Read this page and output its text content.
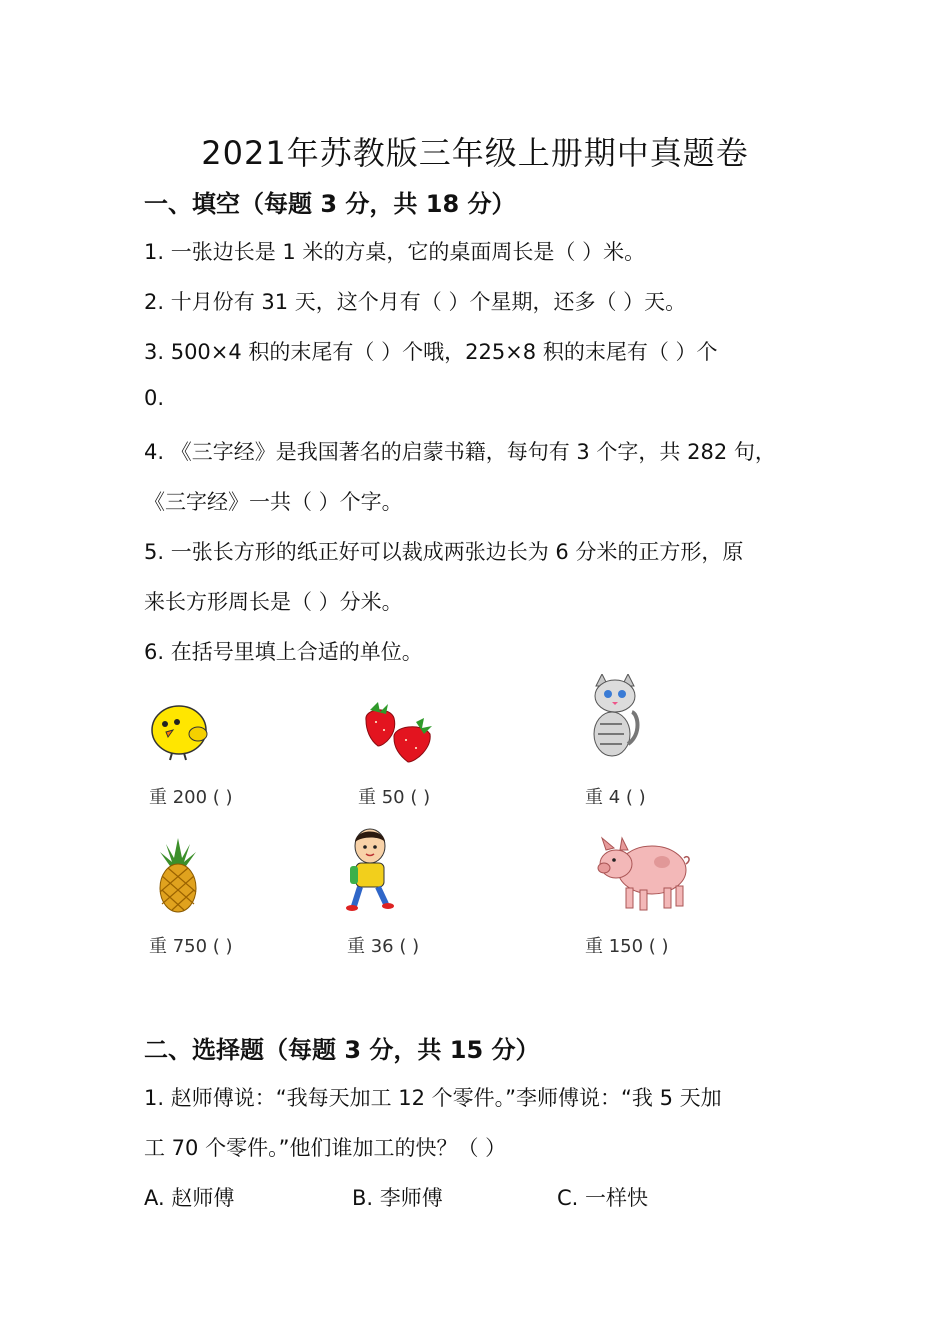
2021年苏教版三年级上册期中真题卷
一、填空（每题 3 分，共 18 分）

1. 一张边长是 1 米的方桌，它的桌面周长是（ ）米。

2. 十月份有 31 天，这个月有（ ）个星期，还多（ ）天。

3. 500×4 积的末尾有（ ）个哦，225×8 积的末尾有（ ）个

0.

4. 《三字经》是我国著名的启蒙书籍，每句有 3 个字，共 282 句，

《三字经》一共（ ）个字。

5. 一张长方形的纸正好可以裁成两张边长为 6 分米的正方形，原

来长方形周长是（ ）分米。

6. 在括号里填上合适的单位。

重 200 ( )	重 50 ( )	重 4 ( )
重 750 ( )	重 36 ( )	重 150 ( )
二、选择题（每题 3 分，共 15 分）

1. 赵师傅说：“我每天加工 12 个零件。”李师傅说：“我 5 天加

工 70 个零件。”他们谁加工的快？（ ）

A. 赵师傅	B. 李师傅	C. 一样快
